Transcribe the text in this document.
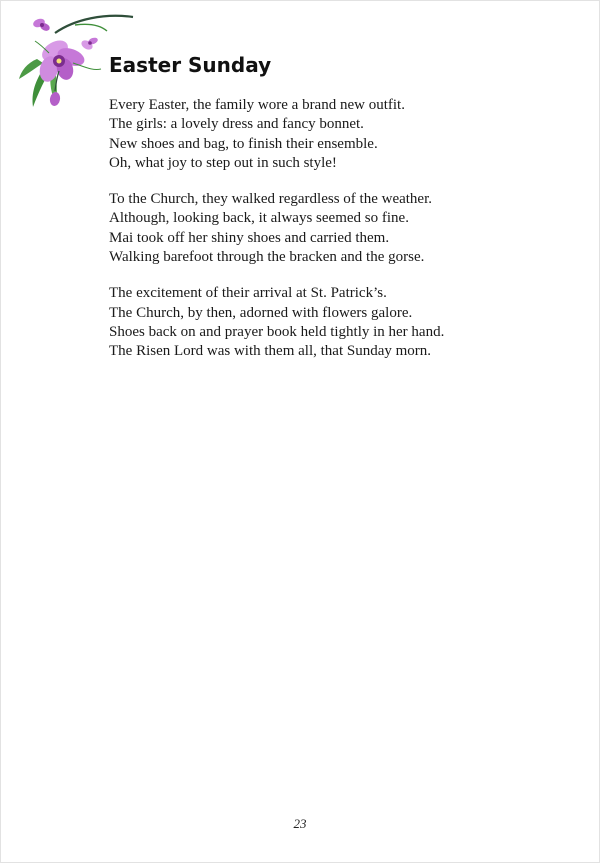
Easter Sunday

Every Easter, the family wore a brand new outfit.
The girls: a lovely dress and fancy bonnet.
New shoes and bag, to finish their ensemble.
Oh, what joy to step out in such style!

To the Church, they walked regardless of the weather.
Although, looking back, it always seemed so fine.
Mai took off her shiny shoes and carried them.
Walking barefoot through the bracken and the gorse.

The excitement of their arrival at St. Patrick’s.
The Church, by then, adorned with flowers galore.
Shoes back on and prayer book held tightly in her hand.
The Risen Lord was with them all, that Sunday morn.

23
